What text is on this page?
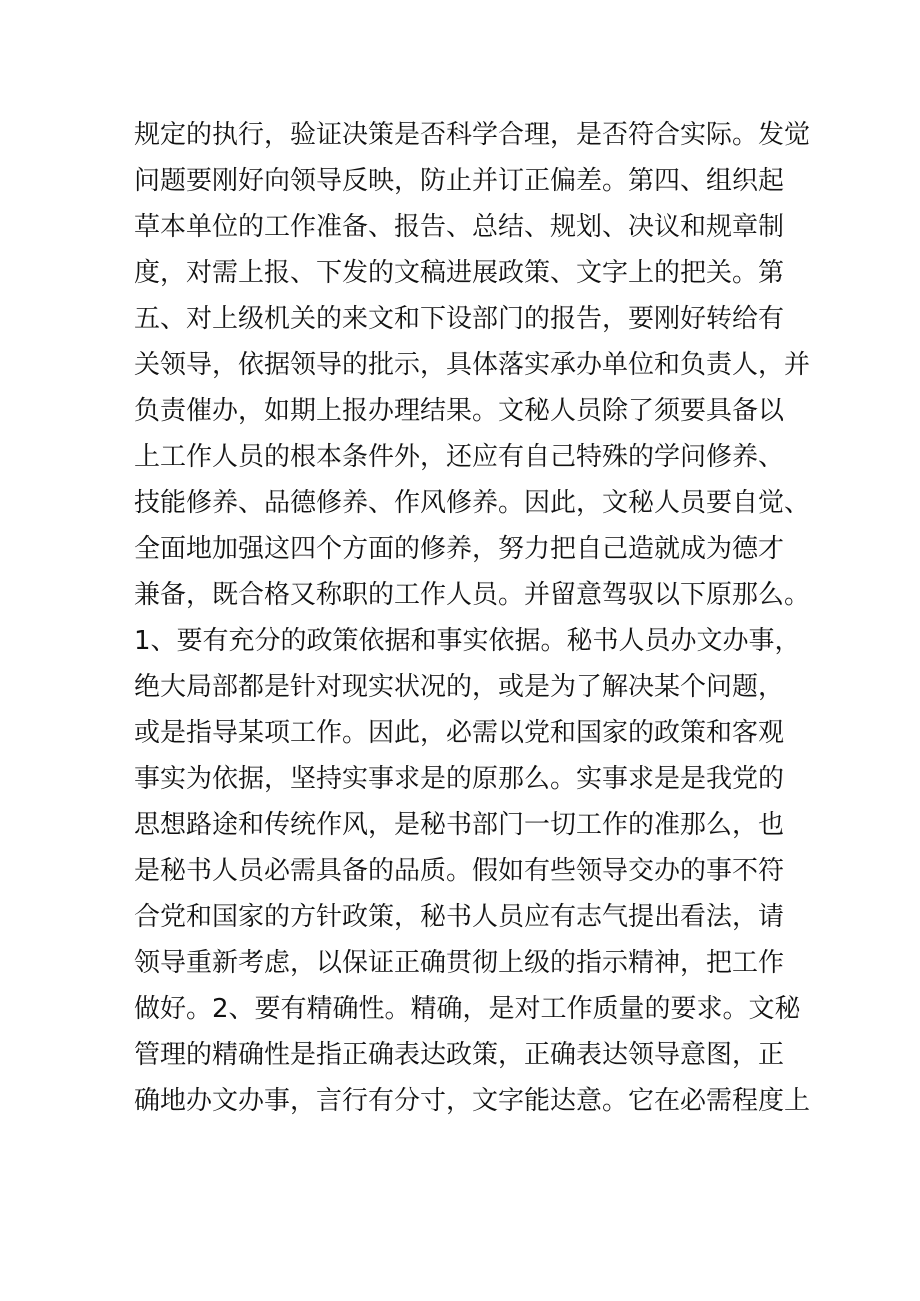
规定的执行，验证决策是否科学合理，是否符合实际。发觉
问题要刚好向领导反映，防止并订正偏差。第四、组织起
草本单位的工作准备、报告、总结、规划、决议和规章制
度，对需上报、下发的文稿进展政策、文字上的把关。第
五、对上级机关的来文和下设部门的报告，要刚好转给有
关领导，依据领导的批示，具体落实承办单位和负责人，并
负责催办，如期上报办理结果。文秘人员除了须要具备以
上工作人员的根本条件外，还应有自己特殊的学问修养、
技能修养、品德修养、作风修养。因此，文秘人员要自觉、
全面地加强这四个方面的修养，努力把自己造就成为德才
兼备，既合格又称职的工作人员。并留意驾驭以下原那么。
1、要有充分的政策依据和事实依据。秘书人员办文办事，
绝大局部都是针对现实状况的，或是为了解决某个问题，
或是指导某项工作。因此，必需以党和国家的政策和客观
事实为依据，坚持实事求是的原那么。实事求是是我党的
思想路途和传统作风，是秘书部门一切工作的准那么，也
是秘书人员必需具备的品质。假如有些领导交办的事不符
合党和国家的方针政策，秘书人员应有志气提出看法，请
领导重新考虑，以保证正确贯彻上级的指示精神，把工作
做好。2、要有精确性。精确，是对工作质量的要求。文秘
管理的精确性是指正确表达政策，正确表达领导意图，正
确地办文办事，言行有分寸，文字能达意。它在必需程度上
